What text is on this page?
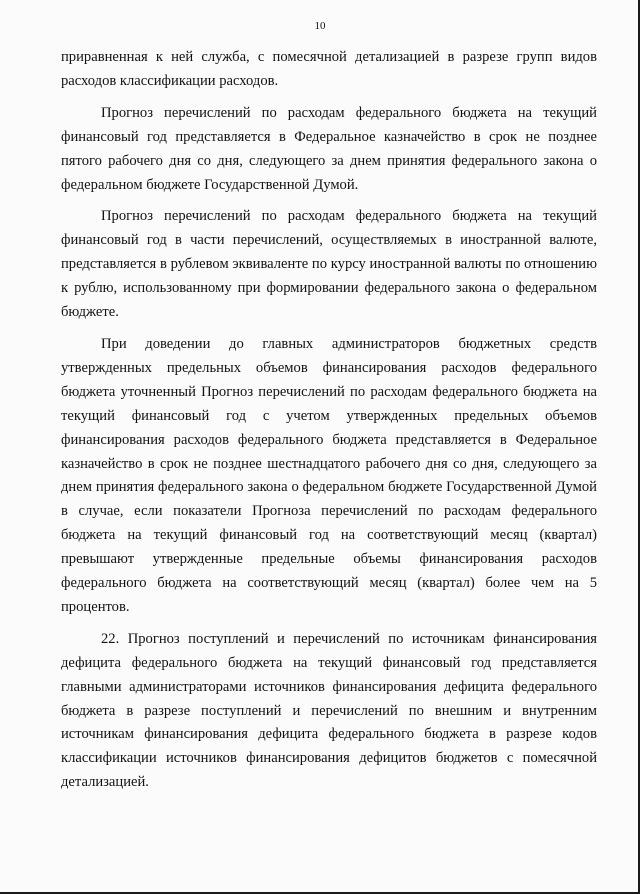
10

приравненная к ней служба, с помесячной детализацией в разрезе групп видов расходов классификации расходов.

Прогноз перечислений по расходам федерального бюджета на текущий финансовый год представляется в Федеральное казначейство в срок не позднее пятого рабочего дня со дня, следующего за днем принятия федерального закона о федеральном бюджете Государственной Думой.

Прогноз перечислений по расходам федерального бюджета на текущий финансовый год в части перечислений, осуществляемых в иностранной валюте, представляется в рублевом эквиваленте по курсу иностранной валюты по отношению к рублю, использованному при формировании федерального закона о федеральном бюджете.

При доведении до главных администраторов бюджетных средств утвержденных предельных объемов финансирования расходов федерального бюджета уточненный Прогноз перечислений по расходам федерального бюджета на текущий финансовый год с учетом утвержденных предельных объемов финансирования расходов федерального бюджета представляется в Федеральное казначейство в срок не позднее шестнадцатого рабочего дня со дня, следующего за днем принятия федерального закона о федеральном бюджете Государственной Думой в случае, если показатели Прогноза перечислений по расходам федерального бюджета на текущий финансовый год на соответствующий месяц (квартал) превышают утвержденные предельные объемы финансирования расходов федерального бюджета на соответствующий месяц (квартал) более чем на 5 процентов.

22. Прогноз поступлений и перечислений по источникам финансирования дефицита федерального бюджета на текущий финансовый год представляется главными администраторами источников финансирования дефицита федерального бюджета в разрезе поступлений и перечислений по внешним и внутренним источникам финансирования дефицита федерального бюджета в разрезе кодов классификации источников финансирования дефицитов бюджетов с помесячной детализацией.
